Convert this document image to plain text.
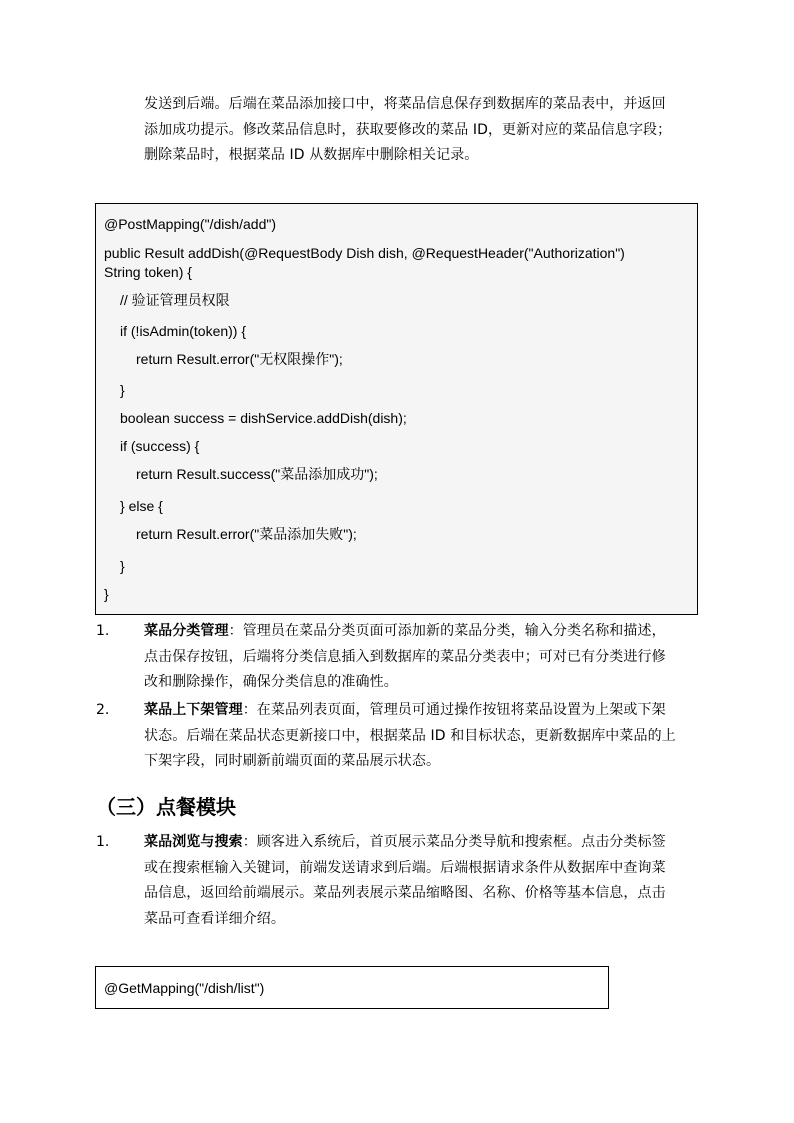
发送到后端。后端在菜品添加接口中，将菜品信息保存到数据库的菜品表中，并返回
添加成功提示。修改菜品信息时，获取要修改的菜品 ID，更新对应的菜品信息字段；
删除菜品时，根据菜品 ID 从数据库中删除相关记录。
@PostMapping("/dish/add")
public Result addDish(@RequestBody Dish dish, @RequestHeader("Authorization")
String token) {
// 验证管理员权限
if (!isAdmin(token)) {
return Result.error("无权限操作");
}
boolean success = dishService.addDish(dish);
if (success) {
return Result.success("菜品添加成功");
} else {
return Result.error("菜品添加失败");
}
}
1. 菜品分类管理：管理员在菜品分类页面可添加新的菜品分类，输入分类名称和描述，
点击保存按钮，后端将分类信息插入到数据库的菜品分类表中；可对已有分类进行修
改和删除操作，确保分类信息的准确性。
2. 菜品上下架管理：在菜品列表页面，管理员可通过操作按钮将菜品设置为上架或下架
状态。后端在菜品状态更新接口中，根据菜品 ID 和目标状态，更新数据库中菜品的上
下架字段，同时刷新前端页面的菜品展示状态。
（三）点餐模块
1. 菜品浏览与搜索：顾客进入系统后，首页展示菜品分类导航和搜索框。点击分类标签
或在搜索框输入关键词，前端发送请求到后端。后端根据请求条件从数据库中查询菜
品信息，返回给前端展示。菜品列表展示菜品缩略图、名称、价格等基本信息，点击
菜品可查看详细介绍。
@GetMapping("/dish/list")
